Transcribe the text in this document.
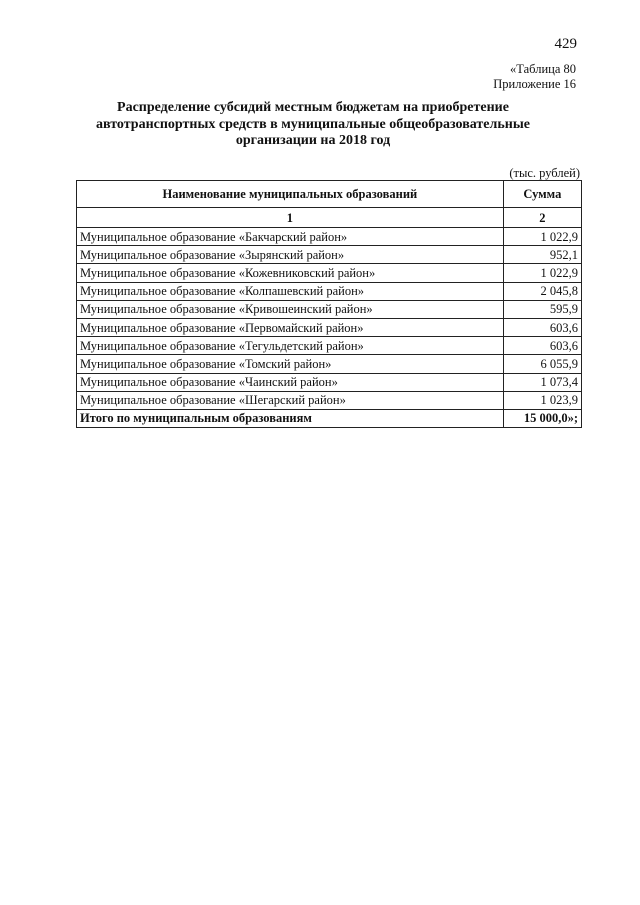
429
«Таблица 80
Приложение 16
Распределение субсидий местным бюджетам на приобретение
автотранспортных средств в муниципальные общеобразовательные
организации на 2018 год
(тыс. рублей)
Наименование муниципальных образований	Сумма
1	2
Муниципальное образование «Бакчарский район»	1 022,9
Муниципальное образование «Зырянский район»	952,1
Муниципальное образование «Кожевниковский район»	1 022,9
Муниципальное образование «Колпашевский район»	2 045,8
Муниципальное образование «Кривошеинский район»	595,9
Муниципальное образование «Первомайский район»	603,6
Муниципальное образование «Тегульдетский район»	603,6
Муниципальное образование «Томский район»	6 055,9
Муниципальное образование «Чаинский район»	1 073,4
Муниципальное образование «Шегарский район»	1 023,9
Итого по муниципальным образованиям	15 000,0»;
